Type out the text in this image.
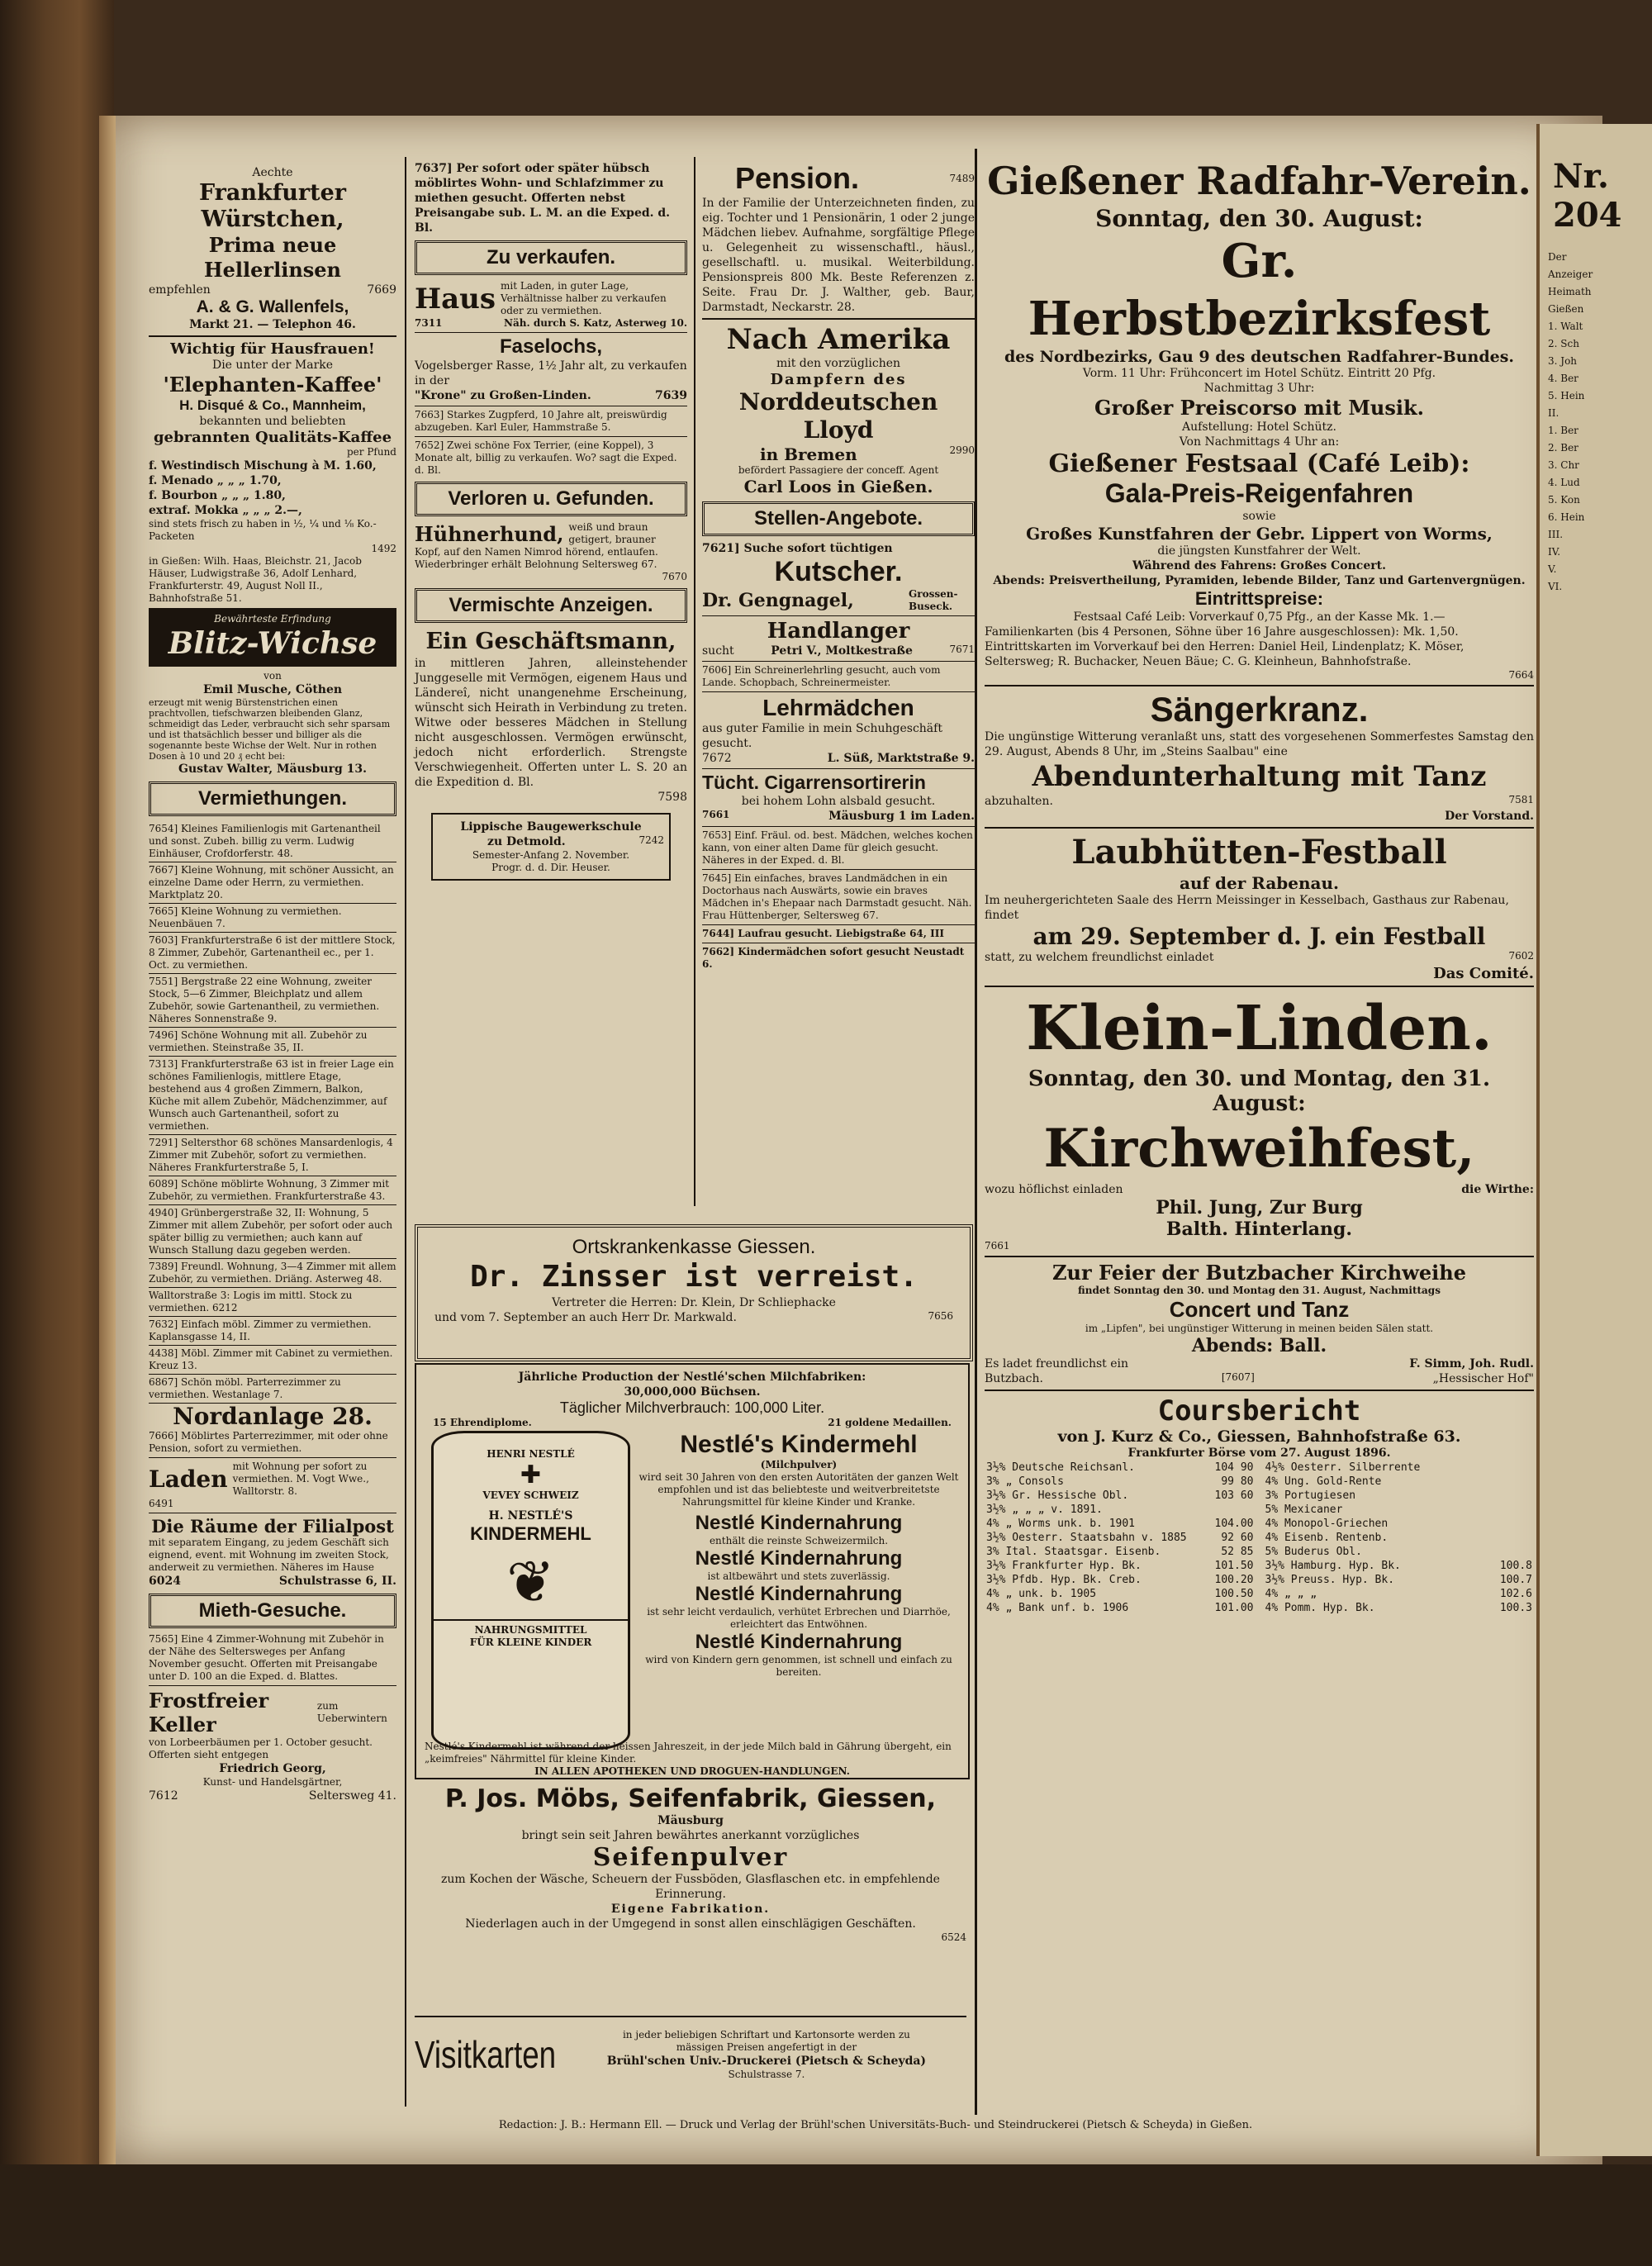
Aechte
Frankfurter Würstchen,
Prima neue Hellerlinsen
empfehlen	7669
A. & G. Wallenfels,
Markt 21. — Telephon 46.
Wichtig für Hausfrauen!
Die unter der Marke
'Elephanten-Kaffee'
H. Disqué & Co., Mannheim,
bekannten und beliebten
gebrannten Qualitäts-Kaffee
per Pfund
f. Westindisch Mischung à M. 1.60,
f. Menado „ „ „ 1.70,
f. Bourbon „ „ „ 1.80,
extraf. Mokka „ „ „ 2.—,
sind stets frisch zu haben in ½, ¼ und ⅛ Ko.-Packeten
1492
in Gießen: Wilh. Haas, Bleichstr. 21, Jacob Häuser, Ludwigstraße 36, Adolf Lenhard, Frankfurterstr. 49, August Noll II., Bahnhofstraße 51.
Bewährteste Erfindung
Blitz-Wichse
von
Emil Musche, Cöthen
erzeugt mit wenig Bürstenstrichen einen prachtvollen, tiefschwarzen bleibenden Glanz, schmeidigt das Leder, verbraucht sich sehr sparsam und ist thatsächlich besser und billiger als die sogenannte beste Wichse der Welt. Nur in rothen Dosen à 10 und 20 ₰ echt bei:
Gustav Walter, Mäusburg 13.
Vermiethungen.
7654] Kleines Familienlogis mit Gartenantheil und sonst. Zubeh. billig zu verm. Ludwig Einhäuser, Crofdorferstr. 48.
7667] Kleine Wohnung, mit schöner Aussicht, an einzelne Dame oder Herrn, zu vermiethen. Marktplatz 20.
7665] Kleine Wohnung zu vermiethen. Neuenbäuen 7.
7603] Frankfurterstraße 6 ist der mittlere Stock, 8 Zimmer, Zubehör, Gartenantheil ec., per 1. Oct. zu vermiethen.
7551] Bergstraße 22 eine Wohnung, zweiter Stock, 5—6 Zimmer, Bleichplatz und allem Zubehör, sowie Gartenantheil, zu vermiethen. Näheres Sonnenstraße 9.
7496] Schöne Wohnung mit all. Zubehör zu vermiethen. Steinstraße 35, II.
7313] Frankfurterstraße 63 ist in freier Lage ein schönes Familienlogis, mittlere Etage, bestehend aus 4 großen Zimmern, Balkon, Küche mit allem Zubehör, Mädchenzimmer, auf Wunsch auch Gartenantheil, sofort zu vermiethen.
7291] Seltersthor 68 schönes Mansardenlogis, 4 Zimmer mit Zubehör, sofort zu vermiethen. Näheres Frankfurterstraße 5, I.
6089] Schöne möblirte Wohnung, 3 Zimmer mit Zubehör, zu vermiethen. Frankfurterstraße 43.
4940] Grünbergerstraße 32, II: Wohnung, 5 Zimmer mit allem Zubehör, per sofort oder auch später billig zu vermiethen; auch kann auf Wunsch Stallung dazu gegeben werden.
7389] Freundl. Wohnung, 3—4 Zimmer mit allem Zubehör, zu vermiethen. Driäng. Asterweg 48.
Walltorstraße 3: Logis im mittl. Stock zu vermiethen. 6212
7632] Einfach möbl. Zimmer zu vermiethen. Kaplansgasse 14, II.
4438] Möbl. Zimmer mit Cabinet zu vermiethen. Kreuz 13.
6867] Schön möbl. Parterrezimmer zu vermiethen. Westanlage 7.
Nordanlage 28.
7666] Möblirtes Parterrezimmer, mit oder ohne Pension, sofort zu vermiethen.
Laden mit Wohnung per sofort zu vermiethen. M. Vogt Wwe., Walltorstr. 8.
6491
Die Räume der Filialpost
mit separatem Eingang, zu jedem Geschäft sich eignend, event. mit Wohnung im zweiten Stock, anderweit zu vermiethen. Näheres im Hause
6024	Schulstrasse 6, II.
Mieth-Gesuche.
7565] Eine 4 Zimmer-Wohnung mit Zubehör in der Nähe des Seltersweges per Anfang November gesucht. Offerten mit Preisangabe unter D. 100 an die Exped. d. Blattes.
Frostfreier Keller
zum Ueberwintern
von Lorbeerbäumen per 1. October gesucht. Offerten sieht entgegen
Friedrich Georg,
Kunst- und Handelsgärtner,
7612	Seltersweg 41.
7637] Per sofort oder später hübsch möblirtes Wohn- und Schlafzimmer zu miethen gesucht. Offerten nebst Preisangabe sub. L. M. an die Exped. d. Bl.
Zu verkaufen.
Haus mit Laden, in guter Lage, Verhältnisse halber zu verkaufen oder zu vermiethen.
7311	Näh. durch S. Katz, Asterweg 10.
Faselochs,
Vogelsberger Rasse, 1½ Jahr alt, zu verkaufen in der
"Krone" zu Großen-Linden.	7639
7663] Starkes Zugpferd, 10 Jahre alt, preiswürdig abzugeben. Karl Euler, Hammstraße 5.
7652] Zwei schöne Fox Terrier, (eine Koppel), 3 Monate alt, billig zu verkaufen. Wo? sagt die Exped. d. Bl.
Verloren u. Gefunden.
Hühnerhund, weiß und braun getigert, brauner
Kopf, auf den Namen Nimrod hörend, entlaufen. Wiederbringer erhält Belohnung Seltersweg 67.
7670
Vermischte Anzeigen.
Ein Geschäftsmann,
in mittleren Jahren, alleinstehender Junggeselle mit Vermögen, eigenem Haus und Ländereî, nicht unangenehme Erscheinung, wünscht sich Heirath in Verbindung zu treten. Witwe oder besseres Mädchen in Stellung nicht ausgeschlossen. Vermögen erwünscht, jedoch nicht erforderlich. Strengste Verschwiegenheit. Offerten unter L. S. 20 an die Expedition d. Bl.
7598
Lippische Baugewerkschule
zu Detmold.	7242
Semester-Anfang 2. November.
Progr. d. d. Dir. Heuser.
Pension.	7489
In der Familie der Unterzeichneten finden, zu eig. Tochter und 1 Pensionärin, 1 oder 2 junge Mädchen liebev. Aufnahme, sorgfältige Pflege u. Gelegenheit zu wissenschaftl., häusl., gesellschaftl. u. musikal. Weiterbildung. Pensionspreis 800 Mk. Beste Referenzen z. Seite. Frau Dr. J. Walther, geb. Baur, Darmstadt, Neckarstr. 28.
Nach Amerika
mit den vorzüglichen
Dampfern des
Norddeutschen Lloyd
in Bremen	2990
befördert Passagiere der conceff. Agent
Carl Loos in Gießen.
Stellen-Angebote.
7621] Suche sofort tüchtigen
Kutscher.
Dr. Gengnagel,	Grossen-Buseck.
Handlanger
sucht	Petri V., Moltkestraße	7671
7606] Ein Schreinerlehrling gesucht, auch vom Lande. Schopbach, Schreinermeister.
Lehrmädchen
aus guter Familie in mein Schuhgeschäft gesucht.
7672	L. Süß, Marktstraße 9.
Tücht. Cigarrensortirerin
bei hohem Lohn alsbald gesucht.
7661	Mäusburg 1 im Laden.
7653] Einf. Fräul. od. best. Mädchen, welches kochen kann, von einer alten Dame für gleich gesucht. Näheres in der Exped. d. Bl.
7645] Ein einfaches, braves Landmädchen in ein Doctorhaus nach Auswärts, sowie ein braves Mädchen in's Ehepaar nach Darmstadt gesucht. Näh. Frau Hüttenberger, Seltersweg 67.
7644] Laufrau gesucht. Liebigstraße 64, III
7662] Kindermädchen sofort gesucht Neustadt 6.
Ortskrankenkasse Giessen.
Dr. Zinsser ist verreist.
Vertreter die Herren: Dr. Klein, Dr Schliephacke
und vom 7. September an auch Herr Dr. Markwald.	7656
Jährliche Production der Nestlé'schen Milchfabriken:
30,000,000 Büchsen.
Täglicher Milchverbrauch: 100,000 Liter.
15 Ehrendiplome.	21 goldene Medaillen.
HENRI NESTLÉ
✚
VEVEY SCHWEIZ
H. NESTLÉ'S
KINDERMEHL
❦
NAHRUNGSMITTEL
FÜR KLEINE KINDER
Nestlé's Kindermehl
(Milchpulver)
wird seit 30 Jahren von den ersten Autoritäten der ganzen Welt empfohlen und ist das beliebteste und weitverbreitetste Nahrungsmittel für kleine Kinder und Kranke.
Nestlé Kindernahrung
enthält die reinste Schweizermilch.
Nestlé Kindernahrung
ist altbewährt und stets zuverlässig.
Nestlé Kindernahrung
ist sehr leicht verdaulich, verhütet Erbrechen und Diarrhöe, erleichtert das Entwöhnen.
Nestlé Kindernahrung
wird von Kindern gern genommen, ist schnell und einfach zu bereiten.
Nestlé's Kindermehl ist während der heissen Jahreszeit, in der jede Milch bald in Gährung übergeht, ein „keimfreies" Nährmittel für kleine Kinder.
IN ALLEN APOTHEKEN UND DROGUEN-HANDLUNGEN.
P. Jos. Möbs, Seifenfabrik, Giessen,
Mäusburg
bringt sein seit Jahren bewährtes anerkannt vorzügliches
Seifenpulver
zum Kochen der Wäsche, Scheuern der Fussböden, Glasflaschen etc. in empfehlende Erinnerung.
Eigene Fabrikation.
Niederlagen auch in der Umgegend in sonst allen einschlägigen Geschäften.
6524
Visitkarten	in jeder beliebigen Schriftart und Kartonsorte werden zu mässigen Preisen angefertigt in der
Brühl'schen Univ.-Druckerei (Pietsch & Scheyda)
Schulstrasse 7.
Gießener Radfahr-Verein.
Sonntag, den 30. August:
Gr. Herbstbezirksfest
des Nordbezirks, Gau 9 des deutschen Radfahrer-Bundes.
Vorm. 11 Uhr: Frühconcert im Hotel Schütz. Eintritt 20 Pfg.
Nachmittag 3 Uhr:
Großer Preiscorso mit Musik.
Aufstellung: Hotel Schütz.
Von Nachmittags 4 Uhr an:
Gießener Festsaal (Café Leib):
Gala-Preis-Reigenfahren
sowie
Großes Kunstfahren der Gebr. Lippert von Worms,
die jüngsten Kunstfahrer der Welt.
Während des Fahrens: Großes Concert.
Abends: Preisvertheilung, Pyramiden, lebende Bilder, Tanz und Gartenvergnügen.
Eintrittspreise:
Festsaal Café Leib: Vorverkauf 0,75 Pfg., an der Kasse Mk. 1.—
Familienkarten (bis 4 Personen, Söhne über 16 Jahre ausgeschlossen): Mk. 1,50.
Eintrittskarten im Vorverkauf bei den Herren: Daniel Heil, Lindenplatz; K. Möser, Seltersweg; R. Buchacker, Neuen Bäue; C. G. Kleinheun, Bahnhofstraße.
7664
Sängerkranz.
Die ungünstige Witterung veranlaßt uns, statt des vorgesehenen Sommerfestes Samstag den 29. August, Abends 8 Uhr, im „Steins Saalbau" eine
Abendunterhaltung mit Tanz
abzuhalten.	7581
Der Vorstand.
Laubhütten-Festball
auf der Rabenau.
Im neuhergerichteten Saale des Herrn Meissinger in Kesselbach, Gasthaus zur Rabenau, findet
am 29. September d. J. ein Festball
statt, zu welchem freundlichst einladet	7602
Das Comité.
Klein-Linden.
Sonntag, den 30. und Montag, den 31. August:
Kirchweihfest,
wozu höflichst einladen	die Wirthe:
Phil. Jung, Zur Burg
Balth. Hinterlang.
7661
Zur Feier der Butzbacher Kirchweihe
findet Sonntag den 30. und Montag den 31. August, Nachmittags
Concert und Tanz
im „Lipfen", bei ungünstiger Witterung in meinen beiden Sälen statt.
Abends: Ball.
Es ladet freundlichst ein	F. Simm, Joh. Rudl.
Butzbach.	[7607]	„Hessischer Hof"
Coursbericht
von J. Kurz & Co., Giessen, Bahnhofstraße 63.
Frankfurter Börse vom 27. August 1896.
3½% Deutsche Reichsanl.	104 90
3% „ Consols	99 80
3½% Gr. Hessische Obl.	103 60
3½% „ „ „ v. 1891.	
4% „ Worms unk. b. 1901	104.00
3½% Oesterr. Staatsbahn v. 1885	92 60
3% Ital. Staatsgar. Eisenb.	52 85
3½% Frankfurter Hyp. Bk.	101.50
3½% Pfdb. Hyp. Bk. Creb.	100.20
4% „ unk. b. 1905	100.50
4% „ Bank unf. b. 1906	101.00
4½% Oesterr. Silberrente	
4% Ung. Gold-Rente	
3% Portugiesen	
5% Mexicaner	
4% Monopol-Griechen	
4% Eisenb. Rentenb.	
5% Buderus Obl.	
3½% Hamburg. Hyp. Bk.	100.8
3½% Preuss. Hyp. Bk.	100.7
4% „ „ „	102.6
4% Pomm. Hyp. Bk.	100.3
Redaction: J. B.: Hermann Ell. — Druck und Verlag der Brühl'schen Universitäts-Buch- und Steindruckerei (Pietsch & Scheyda) in Gießen.
Nr. 204
Der
Anzeiger
Heimath
Gießen
1. Walt
2. Sch
3. Joh
4. Ber
5. Hein
II.
1. Ber
2. Ber
3. Chr
4. Lud
5. Kon
6. Hein
III.
IV.
V.
VI.
